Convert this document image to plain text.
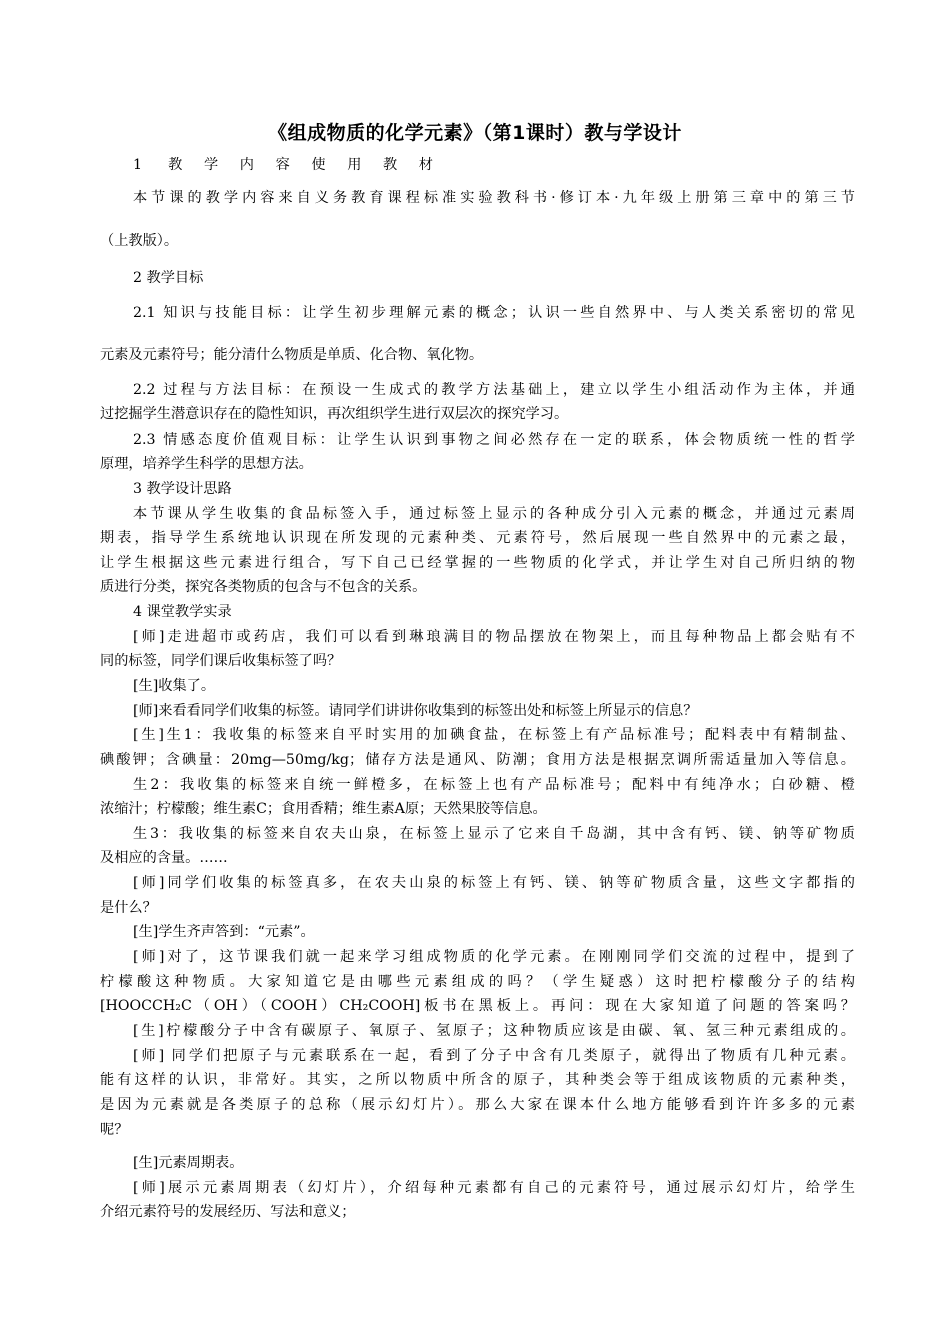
《组成物质的化学元素》（第1课时）教与学设计
1 教学内容使用教材
本节课的教学内容来自义务教育课程标准实验教科书·修订本·九年级上册第三章中的第三节
（上教版）。
2 教学目标
2.1 知识与技能目标：让学生初步理解元素的概念；认识一些自然界中、与人类关系密切的常见
元素及元素符号；能分清什么物质是单质、化合物、氧化物。
2.2 过程与方法目标：在预设一生成式的教学方法基础上，建立以学生小组活动作为主体，并通
过挖掘学生潜意识存在的隐性知识，再次组织学生进行双层次的探究学习。
2.3 情感态度价值观目标：让学生认识到事物之间必然存在一定的联系，体会物质统一性的哲学
原理，培养学生科学的思想方法。
3 教学设计思路
本节课从学生收集的食品标签入手，通过标签上显示的各种成分引入元素的概念，并通过元素周
期表，指导学生系统地认识现在所发现的元素种类、元素符号，然后展现一些自然界中的元素之最，
让学生根据这些元素进行组合，写下自己已经掌握的一些物质的化学式，并让学生对自己所归纳的物
质进行分类，探究各类物质的包含与不包含的关系。
4 课堂教学实录
[师]走进超市或药店，我们可以看到琳琅满目的物品摆放在物架上，而且每种物品上都会贴有不
同的标签，同学们课后收集标签了吗？
[生]收集了。
[师]来看看同学们收集的标签。请同学们讲讲你收集到的标签出处和标签上所显示的信息？
[生]生1：我收集的标签来自平时实用的加碘食盐，在标签上有产品标准号；配料表中有精制盐、
碘酸钾；含碘量：20mg—50mg/kg；储存方法是通风、防潮；食用方法是根据烹调所需适量加入等信息。
生2：我收集的标签来自统一鲜橙多，在标签上也有产品标准号；配料中有纯净水；白砂糖、橙
浓缩汁；柠檬酸；维生素C；食用香精；维生素A原；天然果胶等信息。
生3：我收集的标签来自农夫山泉，在标签上显示了它来自千岛湖，其中含有钙、镁、钠等矿物质
及相应的含量。……
[师]同学们收集的标签真多，在农夫山泉的标签上有钙、镁、钠等矿物质含量，这些文字都指的
是什么？
[生]学生齐声答到：“元素”。
[师]对了，这节课我们就一起来学习组成物质的化学元素。在刚刚同学们交流的过程中，提到了
柠檬酸这种物质。大家知道它是由哪些元素组成的吗？（学生疑惑）这时把柠檬酸分子的结构
[HOOCCH₂C（OH）（COOH）CH₂COOH]板书在黑板上。再问：现在大家知道了问题的答案吗？
[生]柠檬酸分子中含有碳原子、氧原子、氢原子；这种物质应该是由碳、氧、氢三种元素组成的。
[师] 同学们把原子与元素联系在一起，看到了分子中含有几类原子，就得出了物质有几种元素。
能有这样的认识，非常好。其实，之所以物质中所含的原子，其种类会等于组成该物质的元素种类，
是因为元素就是各类原子的总称（展示幻灯片）。那么大家在课本什么地方能够看到许许多多的元素
呢？
[生]元素周期表。
[师]展示元素周期表（幻灯片），介绍每种元素都有自己的元素符号，通过展示幻灯片，给学生
介绍元素符号的发展经历、写法和意义；
